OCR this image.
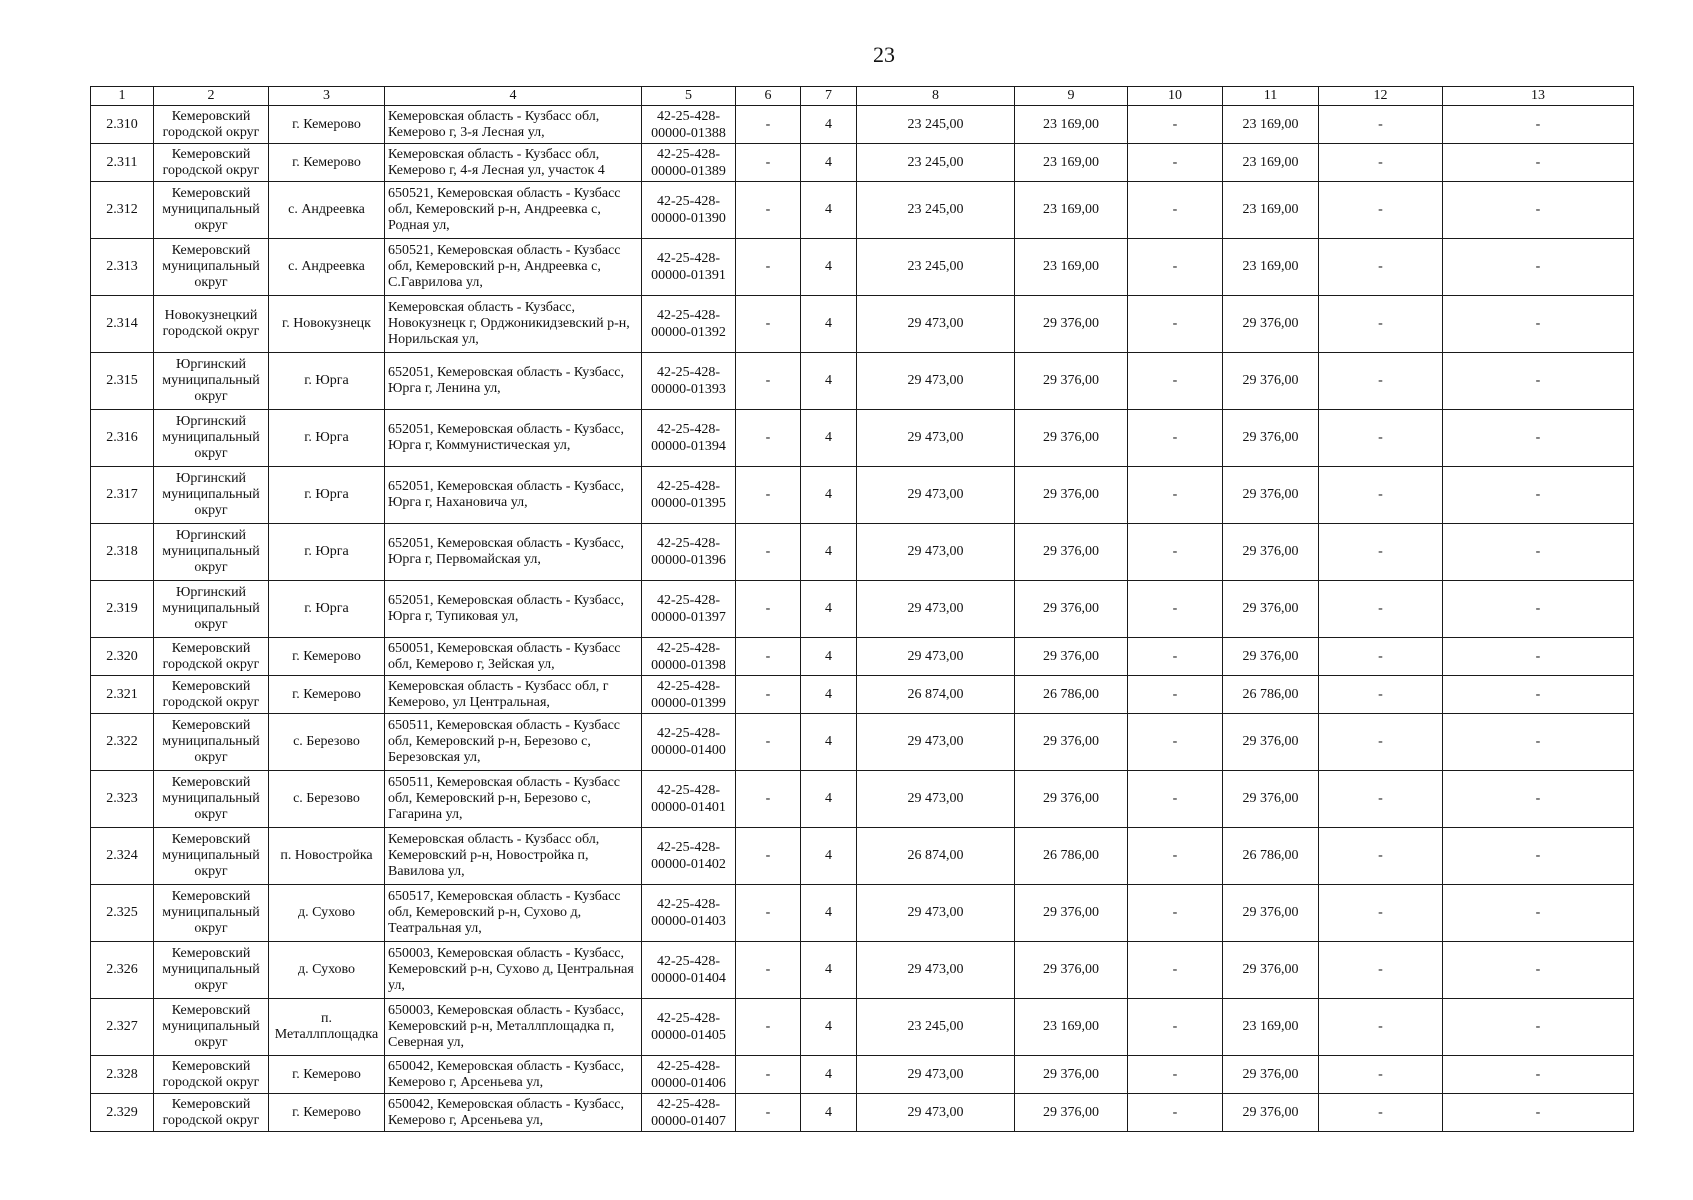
23
1	2	3	4	5	6	7	8	9	10	11	12	13
2.310	Кемеровский городской округ	г. Кемерово	Кемеровская область - Кузбасс обл, Кемерово г, 3-я Лесная ул,	42-25-428-00000-01388	-	4	23 245,00	23 169,00	-	23 169,00	-	-
2.311	Кемеровский городской округ	г. Кемерово	Кемеровская область - Кузбасс обл, Кемерово г, 4-я Лесная ул, участок 4	42-25-428-00000-01389	-	4	23 245,00	23 169,00	-	23 169,00	-	-
2.312	Кемеровский муниципальный округ	с. Андреевка	650521, Кемеровская область - Кузбасс обл, Кемеровский р-н, Андреевка с, Родная ул,	42-25-428-00000-01390	-	4	23 245,00	23 169,00	-	23 169,00	-	-
2.313	Кемеровский муниципальный округ	с. Андреевка	650521, Кемеровская область - Кузбасс обл, Кемеровский р-н, Андреевка с, С.Гаврилова ул,	42-25-428-00000-01391	-	4	23 245,00	23 169,00	-	23 169,00	-	-
2.314	Новокузнецкий городской округ	г. Новокузнецк	Кемеровская область - Кузбасс, Новокузнецк г, Орджоникидзевский р-н, Норильская ул,	42-25-428-00000-01392	-	4	29 473,00	29 376,00	-	29 376,00	-	-
2.315	Юргинский муниципальный округ	г. Юрга	652051, Кемеровская область - Кузбасс, Юрга г, Ленина ул,	42-25-428-00000-01393	-	4	29 473,00	29 376,00	-	29 376,00	-	-
2.316	Юргинский муниципальный округ	г. Юрга	652051, Кемеровская область - Кузбасс, Юрга г, Коммунистическая ул,	42-25-428-00000-01394	-	4	29 473,00	29 376,00	-	29 376,00	-	-
2.317	Юргинский муниципальный округ	г. Юрга	652051, Кемеровская область - Кузбасс, Юрга г, Нахановича ул,	42-25-428-00000-01395	-	4	29 473,00	29 376,00	-	29 376,00	-	-
2.318	Юргинский муниципальный округ	г. Юрга	652051, Кемеровская область - Кузбасс, Юрга г, Первомайская ул,	42-25-428-00000-01396	-	4	29 473,00	29 376,00	-	29 376,00	-	-
2.319	Юргинский муниципальный округ	г. Юрга	652051, Кемеровская область - Кузбасс, Юрга г, Тупиковая ул,	42-25-428-00000-01397	-	4	29 473,00	29 376,00	-	29 376,00	-	-
2.320	Кемеровский городской округ	г. Кемерово	650051, Кемеровская область - Кузбасс обл, Кемерово г, Зейская ул,	42-25-428-00000-01398	-	4	29 473,00	29 376,00	-	29 376,00	-	-
2.321	Кемеровский городской округ	г. Кемерово	Кемеровская область - Кузбасс обл, г Кемерово, ул Центральная,	42-25-428-00000-01399	-	4	26 874,00	26 786,00	-	26 786,00	-	-
2.322	Кемеровский муниципальный округ	с. Березово	650511, Кемеровская область - Кузбасс обл, Кемеровский р-н, Березово с, Березовская ул,	42-25-428-00000-01400	-	4	29 473,00	29 376,00	-	29 376,00	-	-
2.323	Кемеровский муниципальный округ	с. Березово	650511, Кемеровская область - Кузбасс обл, Кемеровский р-н, Березово с, Гагарина ул,	42-25-428-00000-01401	-	4	29 473,00	29 376,00	-	29 376,00	-	-
2.324	Кемеровский муниципальный округ	п. Новостройка	Кемеровская область - Кузбасс обл, Кемеровский р-н, Новостройка п, Вавилова ул,	42-25-428-00000-01402	-	4	26 874,00	26 786,00	-	26 786,00	-	-
2.325	Кемеровский муниципальный округ	д. Сухово	650517, Кемеровская область - Кузбасс обл, Кемеровский р-н, Сухово д, Театральная ул,	42-25-428-00000-01403	-	4	29 473,00	29 376,00	-	29 376,00	-	-
2.326	Кемеровский муниципальный округ	д. Сухово	650003, Кемеровская область - Кузбасс, Кемеровский р-н, Сухово д, Центральная ул,	42-25-428-00000-01404	-	4	29 473,00	29 376,00	-	29 376,00	-	-
2.327	Кемеровский муниципальный округ	п. Металлплощадка	650003, Кемеровская область - Кузбасс, Кемеровский р-н, Металлплощадка п, Северная ул,	42-25-428-00000-01405	-	4	23 245,00	23 169,00	-	23 169,00	-	-
2.328	Кемеровский городской округ	г. Кемерово	650042, Кемеровская область - Кузбасс, Кемерово г, Арсеньева ул,	42-25-428-00000-01406	-	4	29 473,00	29 376,00	-	29 376,00	-	-
2.329	Кемеровский городской округ	г. Кемерово	650042, Кемеровская область - Кузбасс, Кемерово г, Арсеньева ул,	42-25-428-00000-01407	-	4	29 473,00	29 376,00	-	29 376,00	-	-
